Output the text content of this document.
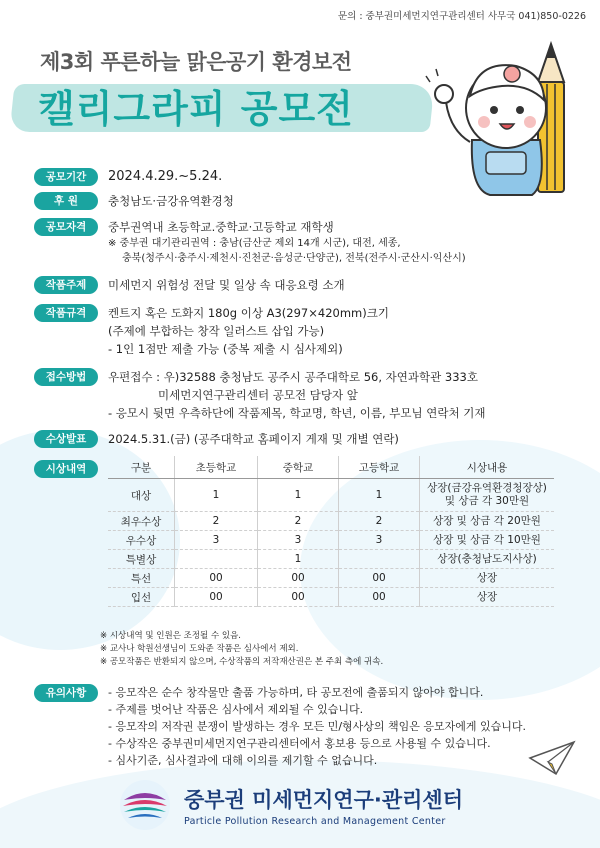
문의 : 중부권미세먼지연구관리센터 사무국 041)850-0226
제3회 푸른하늘 맑은공기 환경보전
캘리그라피 공모전
공모기간	2024.4.29.~5.24.
후 원	충청남도·금강유역환경청
공모자격	중부권역내 초등학교.중학교·고등학교 재학생
※ 중부권 대기관리권역 : 충남(금산군 제외 14개 시군), 대전, 세종,
충북(청주시·충주시·제천시·진천군·음성군·단양군), 전북(전주시·군산시·익산시)
작품주제	미세먼지 위험성 전달 및 일상 속 대응요령 소개
작품규격	켄트지 혹은 도화지 180g 이상 A3(297×420mm)크기
(주제에 부합하는 창작 일러스트 삽입 가능)
- 1인 1점만 제출 가능 (중복 제출 시 심사제외)
접수방법	우편접수 : 우)32588 충청남도 공주시 공주대학로 56, 자연과학관 333호
미세먼지연구관리센터 공모전 담당자 앞
- 응모시 뒷면 우측하단에 작품제목, 학교명, 학년, 이름, 부모님 연락처 기재
수상발표	2024.5.31.(금) (공주대학교 홈페이지 게재 및 개별 연락)
시상내역	구분	초등학교	중학교	고등학교	시상내용
대상	1	1	1	상장(금강유역환경청장상)
및 상금 각 30만원
최우수상	2	2	2	상장 및 상금 각 20만원
우수상	3	3	3	상장 및 상금 각 10만원
특별상		1		상장(충청남도지사상)
특선	00	00	00	상장
입선	00	00	00	상장
※ 시상내역 및 인원은 조정될 수 있음.
※ 교사나 학원선생님이 도와준 작품은 심사에서 제외.
※ 공모작품은 반환되지 않으며, 수상작품의 저작재산권은 본 주최 측에 귀속.
유의사항	- 응모작은 순수 창작물만 출품 가능하며, 타 공모전에 출품되지 않아야 합니다.
- 주제를 벗어난 작품은 심사에서 제외될 수 있습니다.
- 응모작의 저작권 분쟁이 발생하는 경우 모든 민/형사상의 책임은 응모자에게 있습니다.
- 수상작은 중부권미세먼지연구관리센터에서 홍보용 등으로 사용될 수 있습니다.
- 심사기준, 심사결과에 대해 이의를 제기할 수 없습니다.
중부권 미세먼지연구·관리센터
Particle Pollution Research and Management Center
